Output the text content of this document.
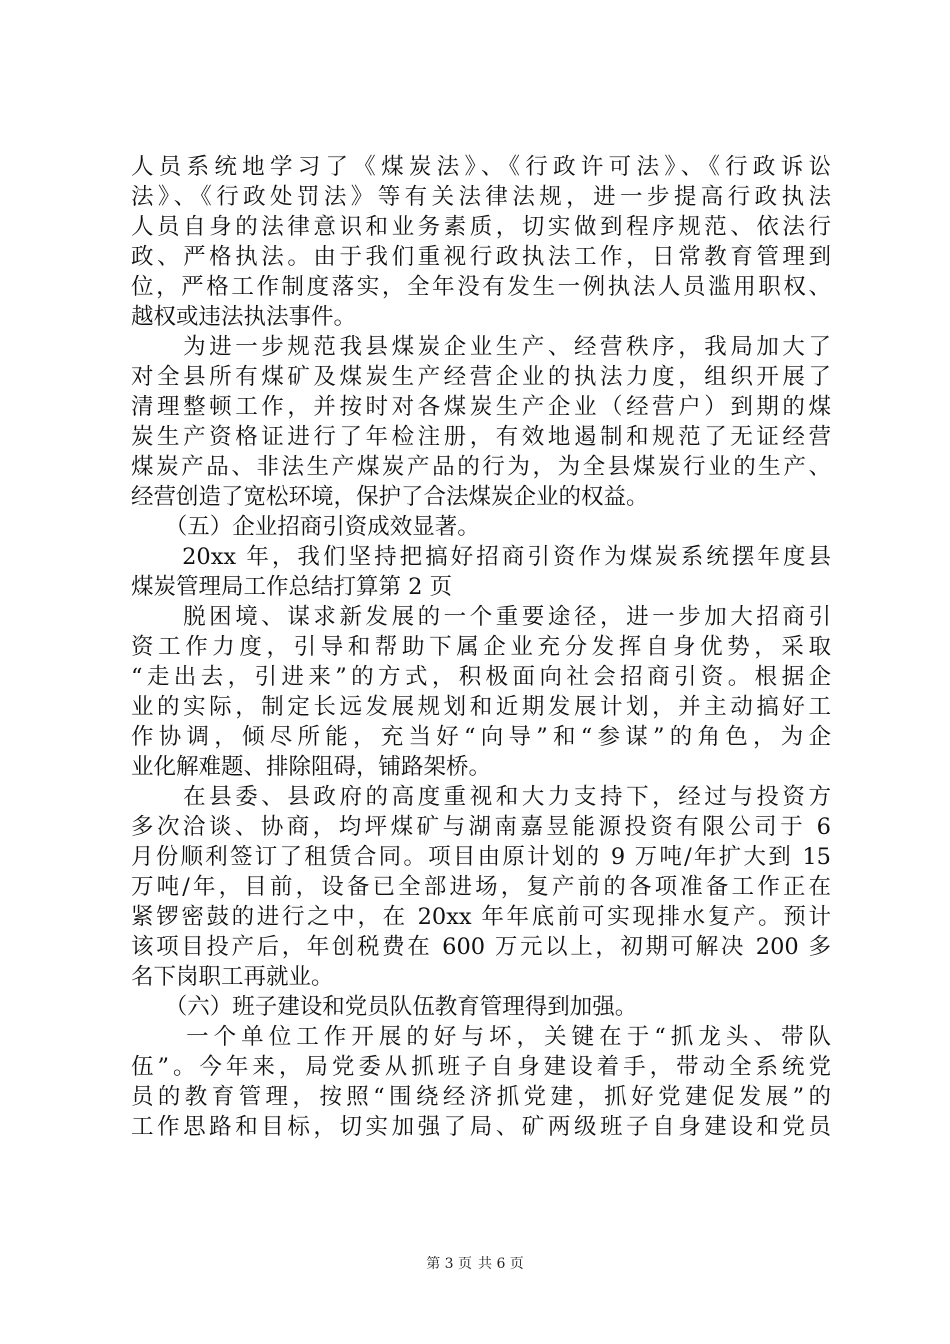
人员系统地学习了《煤炭法》、《行政许可法》、《行政诉讼
法》、《行政处罚法》等有关法律法规，进一步提高行政执法
人员自身的法律意识和业务素质，切实做到程序规范、依法行
政、严格执法。由于我们重视行政执法工作，日常教育管理到
位，严格工作制度落实，全年没有发生一例执法人员滥用职权、
越权或违法执法事件。
　　为进一步规范我县煤炭企业生产、经营秩序，我局加大了
对全县所有煤矿及煤炭生产经营企业的执法力度，组织开展了
清理整顿工作，并按时对各煤炭生产企业（经营户）到期的煤
炭生产资格证进行了年检注册，有效地遏制和规范了无证经营
煤炭产品、非法生产煤炭产品的行为，为全县煤炭行业的生产、
经营创造了宽松环境，保护了合法煤炭企业的权益。
　　（五）企业招商引资成效显著。
　　20xx 年，我们坚持把搞好招商引资作为煤炭系统摆年度县
煤炭管理局工作总结打算第 2 页
　　脱困境、谋求新发展的一个重要途径，进一步加大招商引
资工作力度，引导和帮助下属企业充分发挥自身优势，采取
“走出去，引进来”的方式，积极面向社会招商引资。根据企
业的实际，制定长远发展规划和近期发展计划，并主动搞好工
作协调，倾尽所能，充当好“向导”和“参谋”的角色，为企
业化解难题、排除阻碍，铺路架桥。
　　在县委、县政府的高度重视和大力支持下，经过与投资方
多次洽谈、协商，均坪煤矿与湖南嘉昱能源投资有限公司于 6
月份顺利签订了租赁合同。项目由原计划的 9 万吨/年扩大到 15
万吨/年，目前，设备已全部进场，复产前的各项准备工作正在
紧锣密鼓的进行之中，在 20xx 年年底前可实现排水复产。预计
该项目投产后，年创税费在 600 万元以上，初期可解决 200 多
名下岗职工再就业。
　　（六）班子建设和党员队伍教育管理得到加强。
　　一个单位工作开展的好与坏，关键在于“抓龙头、带队
伍”。今年来，局党委从抓班子自身建设着手，带动全系统党
员的教育管理，按照“围绕经济抓党建，抓好党建促发展”的
工作思路和目标，切实加强了局、矿两级班子自身建设和党员
第 3 页 共 6 页
